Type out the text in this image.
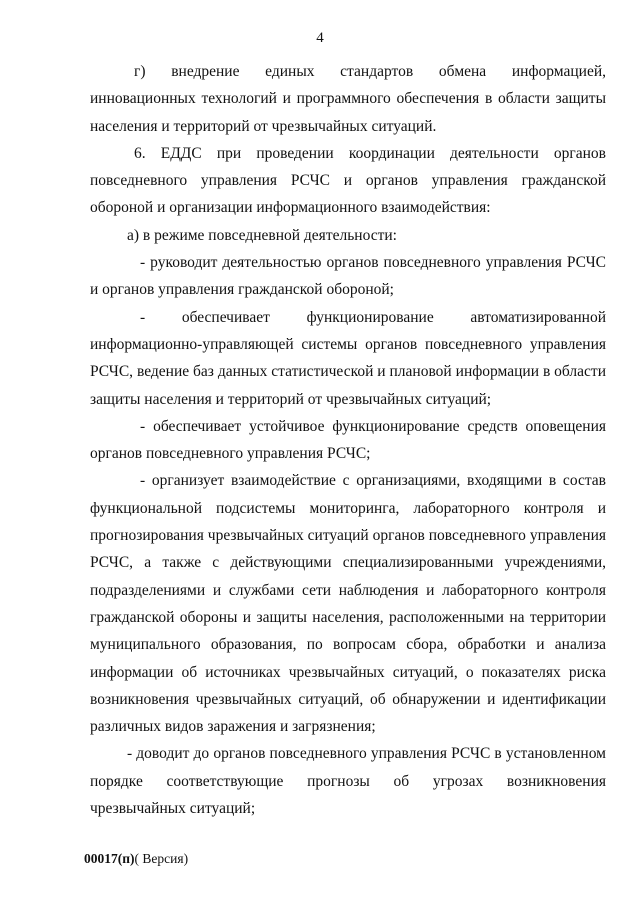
4

г) внедрение единых стандартов обмена информацией, инновационных технологий и программного обеспечения в области защиты населения и территорий от чрезвычайных ситуаций.

6. ЕДДС при проведении координации деятельности органов повседневного управления РСЧС и органов управления гражданской обороной и организации информационного взаимодействия:

а) в режиме повседневной деятельности:

- руководит деятельностью органов повседневного управления РСЧС и органов управления гражданской обороной;

- обеспечивает функционирование автоматизированной информационно-управляющей системы органов повседневного управления РСЧС, ведение баз данных статистической и плановой информации в области защиты населения и территорий от чрезвычайных ситуаций;

- обеспечивает устойчивое функционирование средств оповещения органов повседневного управления РСЧС;

- организует взаимодействие с организациями, входящими в состав функциональной подсистемы мониторинга, лабораторного контроля и прогнозирования чрезвычайных ситуаций органов повседневного управления РСЧС, а также с действующими специализированными учреждениями, подразделениями и службами сети наблюдения и лабораторного контроля гражданской обороны и защиты населения, расположенными на территории муниципального образования, по вопросам сбора, обработки и анализа информации об источниках чрезвычайных ситуаций, о показателях риска возникновения чрезвычайных ситуаций, об обнаружении и идентификации различных видов заражения и загрязнения;

- доводит до органов повседневного управления РСЧС в установленном порядке соответствующие прогнозы об угрозах возникновения чрезвычайных ситуаций;

00017(п)( Версия)
